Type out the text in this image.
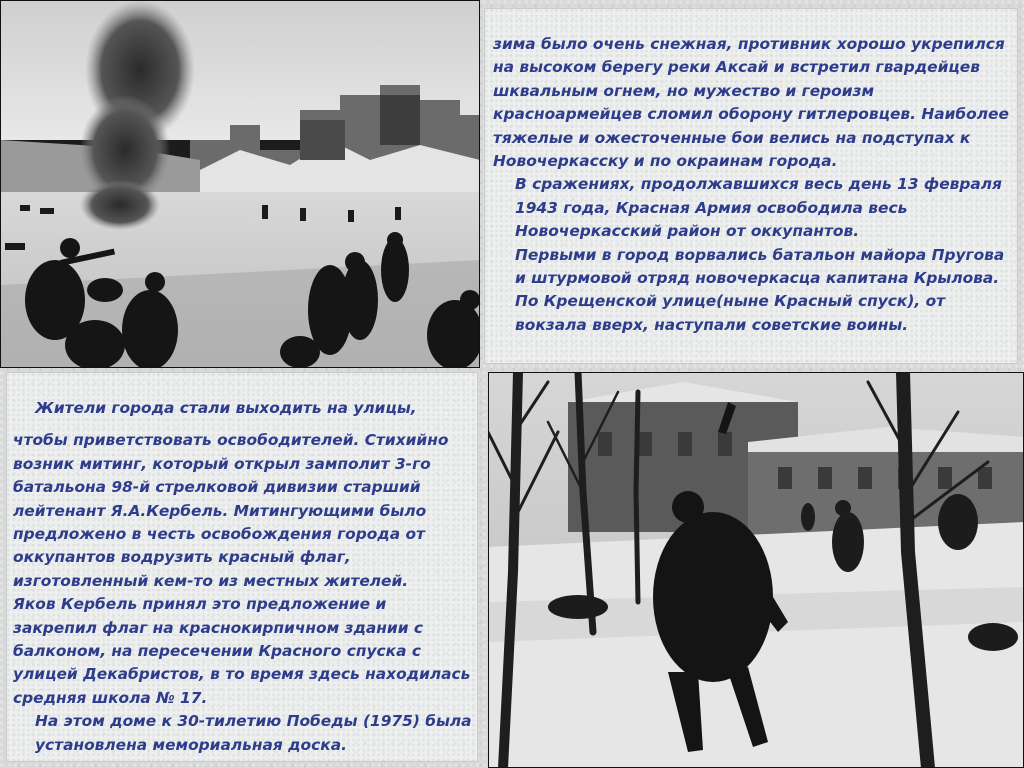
зима было очень снежная, противник хорошо укрепился на высоком берегу реки Аксай и встретил гвардейцев шквальным огнем, но мужество и героизм красноармейцев сломил оборону гитлеровцев. Наиболее тяжелые и ожесточенные бои велись на подступах к Новочеркасску и по окраинам города.

В сражениях, продолжавшихся весь день 13 февраля 1943 года, Красная Армия освободила весь Новочеркасский район от оккупантов.

Первыми в город ворвались батальон майора Пругова и штурмовой отряд новочеркасца капитана Крылова.

По Крещенской улице(ныне Красный спуск), от вокзала вверх, наступали советские воины.

Жители города стали выходить на улицы,

чтобы приветствовать освободителей. Стихийно возник митинг, который открыл замполит 3-го батальона 98-й стрелковой дивизии старший лейтенант Я.А.Кербель. Митингующими было предложено в честь освобождения города от оккупантов водрузить красный флаг, изготовленный кем-то из местных жителей.

Яков Кербель принял это предложение и закрепил флаг на краснокирпичном здании с балконом, на пересечении Красного спуска с улицей Декабристов, в то время здесь находилась средняя школа № 17.

На этом доме к 30-тилетию Победы (1975) была установлена мемориальная доска.
